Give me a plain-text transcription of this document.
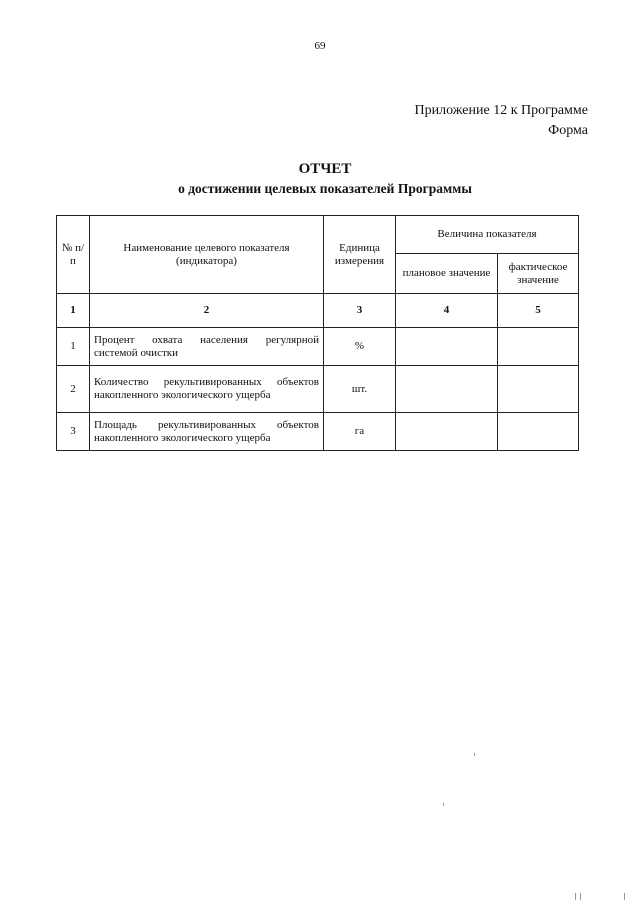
69
Приложение 12 к Программе
Форма
ОТЧЕТ
о достижении целевых показателей Программы
№ п/п	Наименование целевого показателя (индикатора)	Единица измерения	Величина показателя	
			плановое значение	фактическое значение
1	2	3	4	5
1	Процент охвата населения регулярной системой очистки	%		
2	Количество рекультивированных объектов накопленного экологического ущерба	шт.		
3	Площадь рекультивированных объектов накопленного экологического ущерба	га		
